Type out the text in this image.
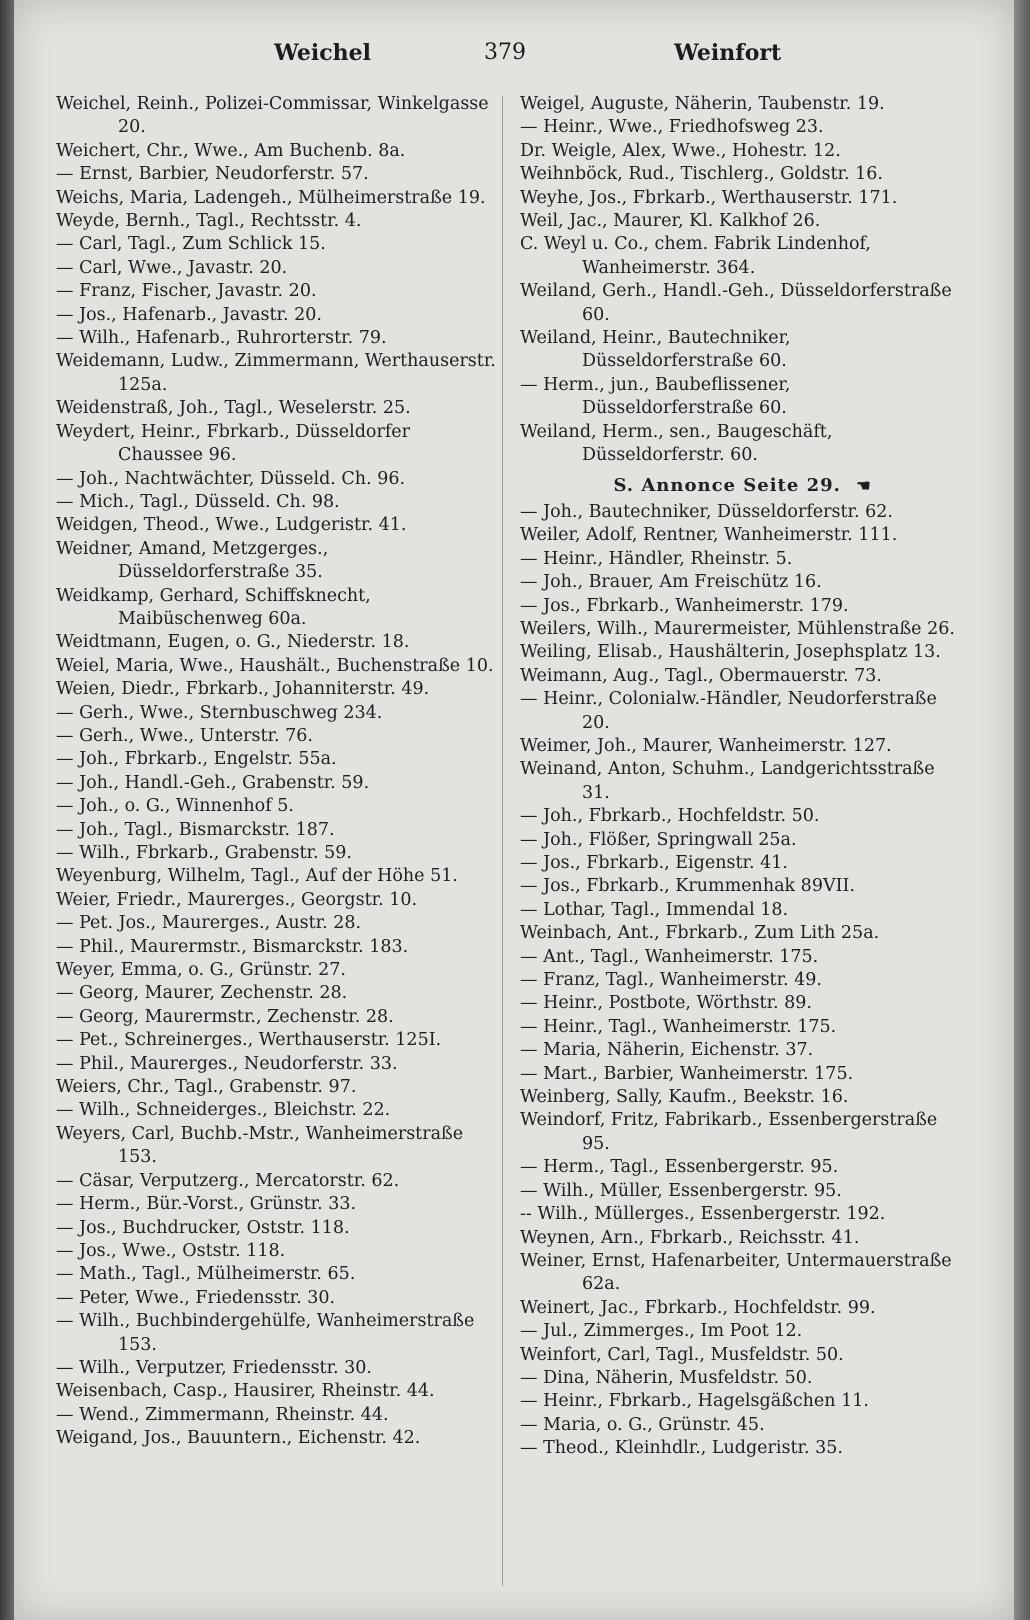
Weichel	379	Weinfort

Weichel, Reinh., Polizei-Commissar, Winkelgasse 20.

Weichert, Chr., Wwe., Am Buchenb. 8a.

— Ernst, Barbier, Neudorferstr. 57.

Weichs, Maria, Ladengeh., Mülheimerstraße 19.

Weyde, Bernh., Tagl., Rechtsstr. 4.

— Carl, Tagl., Zum Schlick 15.

— Carl, Wwe., Javastr. 20.

— Franz, Fischer, Javastr. 20.

— Jos., Hafenarb., Javastr. 20.

— Wilh., Hafenarb., Ruhrorterstr. 79.

Weidemann, Ludw., Zimmermann, Werthauserstr. 125a.

Weidenstraß, Joh., Tagl., Weselerstr. 25.

Weydert, Heinr., Fbrkarb., Düsseldorfer Chaussee 96.

— Joh., Nachtwächter, Düsseld. Ch. 96.

— Mich., Tagl., Düsseld. Ch. 98.

Weidgen, Theod., Wwe., Ludgeristr. 41.

Weidner, Amand, Metzgerges., Düsseldorferstraße 35.

Weidkamp, Gerhard, Schiffsknecht, Maibüschenweg 60a.

Weidtmann, Eugen, o. G., Niederstr. 18.

Weiel, Maria, Wwe., Haushält., Buchenstraße 10.

Weien, Diedr., Fbrkarb., Johanniterstr. 49.

— Gerh., Wwe., Sternbuschweg 234.

— Gerh., Wwe., Unterstr. 76.

— Joh., Fbrkarb., Engelstr. 55a.

— Joh., Handl.-Geh., Grabenstr. 59.

— Joh., o. G., Winnenhof 5.

— Joh., Tagl., Bismarckstr. 187.

— Wilh., Fbrkarb., Grabenstr. 59.

Weyenburg, Wilhelm, Tagl., Auf der Höhe 51.

Weier, Friedr., Maurerges., Georgstr. 10.

— Pet. Jos., Maurerges., Austr. 28.

— Phil., Maurermstr., Bismarckstr. 183.

Weyer, Emma, o. G., Grünstr. 27.

— Georg, Maurer, Zechenstr. 28.

— Georg, Maurermstr., Zechenstr. 28.

— Pet., Schreinerges., Werthauserstr. 125I.

— Phil., Maurerges., Neudorferstr. 33.

Weiers, Chr., Tagl., Grabenstr. 97.

— Wilh., Schneiderges., Bleichstr. 22.

Weyers, Carl, Buchb.-Mstr., Wanheimerstraße 153.

— Cäsar, Verputzerg., Mercatorstr. 62.

— Herm., Bür.-Vorst., Grünstr. 33.

— Jos., Buchdrucker, Oststr. 118.

— Jos., Wwe., Oststr. 118.

— Math., Tagl., Mülheimerstr. 65.

— Peter, Wwe., Friedensstr. 30.

— Wilh., Buchbindergehülfe, Wanheimerstraße 153.

— Wilh., Verputzer, Friedensstr. 30.

Weisenbach, Casp., Hausirer, Rheinstr. 44.

— Wend., Zimmermann, Rheinstr. 44.

Weigand, Jos., Bauuntern., Eichenstr. 42.

Weigel, Auguste, Näherin, Taubenstr. 19.

— Heinr., Wwe., Friedhofsweg 23.

Dr. Weigle, Alex, Wwe., Hohestr. 12.

Weihnböck, Rud., Tischlerg., Goldstr. 16.

Weyhe, Jos., Fbrkarb., Werthauserstr. 171.

Weil, Jac., Maurer, Kl. Kalkhof 26.

C. Weyl u. Co., chem. Fabrik Lindenhof, Wanheimerstr. 364.

Weiland, Gerh., Handl.-Geh., Düsseldorferstraße 60.

Weiland, Heinr., Bautechniker, Düsseldorferstraße 60.

— Herm., jun., Baubeflissener, Düsseldorferstraße 60.

Weiland, Herm., sen., Baugeschäft, Düsseldorferstr. 60.

S. Annonce Seite 29. ☚

— Joh., Bautechniker, Düsseldorferstr. 62.

Weiler, Adolf, Rentner, Wanheimerstr. 111.

— Heinr., Händler, Rheinstr. 5.

— Joh., Brauer, Am Freischütz 16.

— Jos., Fbrkarb., Wanheimerstr. 179.

Weilers, Wilh., Maurermeister, Mühlenstraße 26.

Weiling, Elisab., Haushälterin, Josephsplatz 13.

Weimann, Aug., Tagl., Obermauerstr. 73.

— Heinr., Colonialw.-Händler, Neudorferstraße 20.

Weimer, Joh., Maurer, Wanheimerstr. 127.

Weinand, Anton, Schuhm., Landgerichtsstraße 31.

— Joh., Fbrkarb., Hochfeldstr. 50.

— Joh., Flößer, Springwall 25a.

— Jos., Fbrkarb., Eigenstr. 41.

— Jos., Fbrkarb., Krummenhak 89VII.

— Lothar, Tagl., Immendal 18.

Weinbach, Ant., Fbrkarb., Zum Lith 25a.

— Ant., Tagl., Wanheimerstr. 175.

— Franz, Tagl., Wanheimerstr. 49.

— Heinr., Postbote, Wörthstr. 89.

— Heinr., Tagl., Wanheimerstr. 175.

— Maria, Näherin, Eichenstr. 37.

— Mart., Barbier, Wanheimerstr. 175.

Weinberg, Sally, Kaufm., Beekstr. 16.

Weindorf, Fritz, Fabrikarb., Essenbergerstraße 95.

— Herm., Tagl., Essenbergerstr. 95.

— Wilh., Müller, Essenbergerstr. 95.

-- Wilh., Müllerges., Essenbergerstr. 192.

Weynen, Arn., Fbrkarb., Reichsstr. 41.

Weiner, Ernst, Hafenarbeiter, Untermauerstraße 62a.

Weinert, Jac., Fbrkarb., Hochfeldstr. 99.

— Jul., Zimmerges., Im Poot 12.

Weinfort, Carl, Tagl., Musfeldstr. 50.

— Dina, Näherin, Musfeldstr. 50.

— Heinr., Fbrkarb., Hagelsgäßchen 11.

— Maria, o. G., Grünstr. 45.

— Theod., Kleinhdlr., Ludgeristr. 35.
